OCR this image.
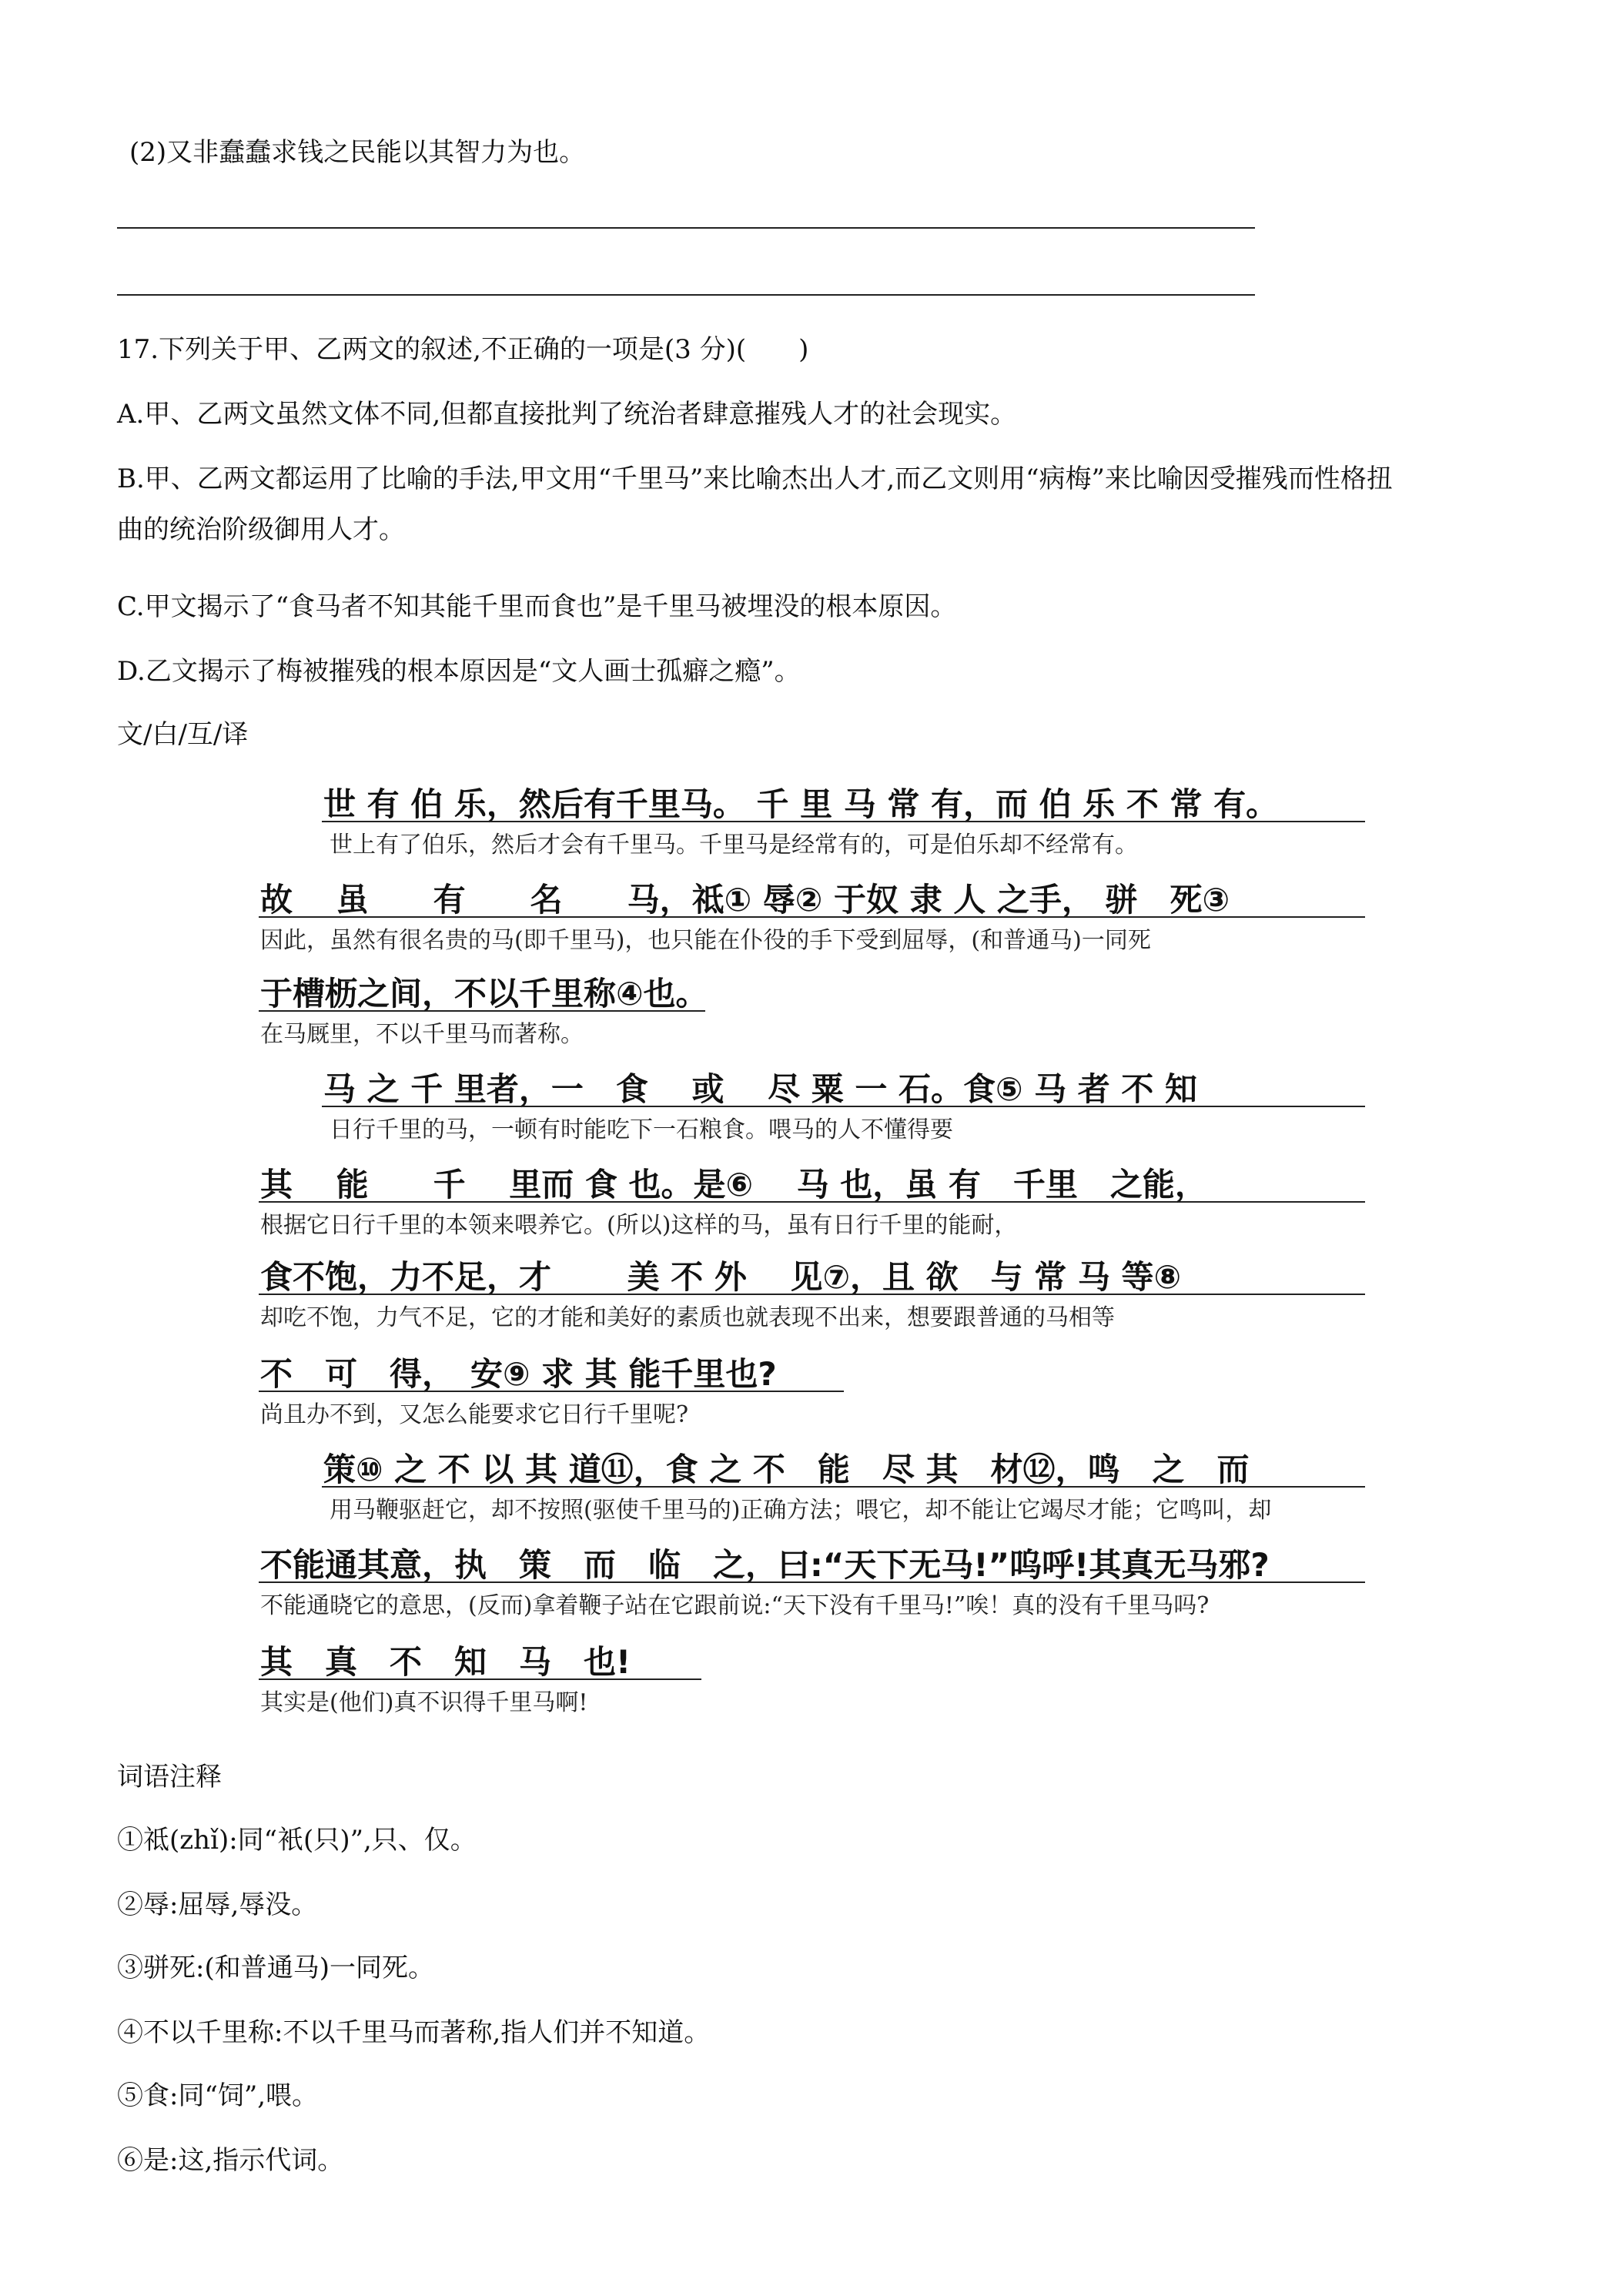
(2)又非蠢蠢求钱之民能以其智力为也。
17.下列关于甲、乙两文的叙述,不正确的一项是(3 分)(　　)
A.甲、乙两文虽然文体不同,但都直接批判了统治者肆意摧残人才的社会现实。
B.甲、乙两文都运用了比喻的手法,甲文用“千里马”来比喻杰出人才,而乙文则用“病梅”来比喻因受摧残而性格扭
曲的统治阶级御用人才。
C.甲文揭示了“食马者不知其能千里而食也”是千里马被埋没的根本原因。
D.乙文揭示了梅被摧残的根本原因是“文人画士孤癖之瘾”。
文/白/互/译
世 有 伯 乐，然后有千里马。 千 里 马 常 有，而 伯 乐 不 常 有。
世上有了伯乐，然后才会有千里马。千里马是经常有的，可是伯乐却不经常有。
故　 虽　　有　　名　　马，祗① 辱② 于奴 隶 人 之手， 骈　死③
因此，虽然有很名贵的马(即千里马)，也只能在仆役的手下受到屈辱，(和普通马)一同死
于槽枥之间，不以千里称④也。
在马厩里，不以千里马而著称。
马 之 千 里者，一　食　 或　 尽 粟 一 石。食⑤ 马 者 不 知
日行千里的马，一顿有时能吃下一石粮食。喂马的人不懂得要
其　 能　　千　 里而 食 也。是⑥　 马 也，虽 有　千里　之能，
根据它日行千里的本领来喂养它。(所以)这样的马，虽有日行千里的能耐，
食不饱，力不足，才　　 美 不 外　 见⑦，且 欲　与 常 马 等⑧
却吃不饱，力气不足，它的才能和美好的素质也就表现不出来，想要跟普通的马相等
不　可　得，　安⑨ 求 其 能千里也?
尚且办不到，又怎么能要求它日行千里呢?
策⑩ 之 不 以 其 道⑪，食 之 不　能　尽 其　材⑫，鸣　之　而
用马鞭驱赶它，却不按照(驱使千里马的)正确方法；喂它，却不能让它竭尽才能；它鸣叫，却
不能通其意，执　策　而　临　之，曰:“天下无马!”呜呼!其真无马邪?
不能通晓它的意思，(反而)拿着鞭子站在它跟前说:“天下没有千里马!”唉！真的没有千里马吗?
其　真　不　知　马　也!
其实是(他们)真不识得千里马啊!
词语注释
①祗(zhǐ):同“衹(只)”,只、仅。
②辱:屈辱,辱没。
③骈死:(和普通马)一同死。
④不以千里称:不以千里马而著称,指人们并不知道。
⑤食:同“饲”,喂。
⑥是:这,指示代词。
